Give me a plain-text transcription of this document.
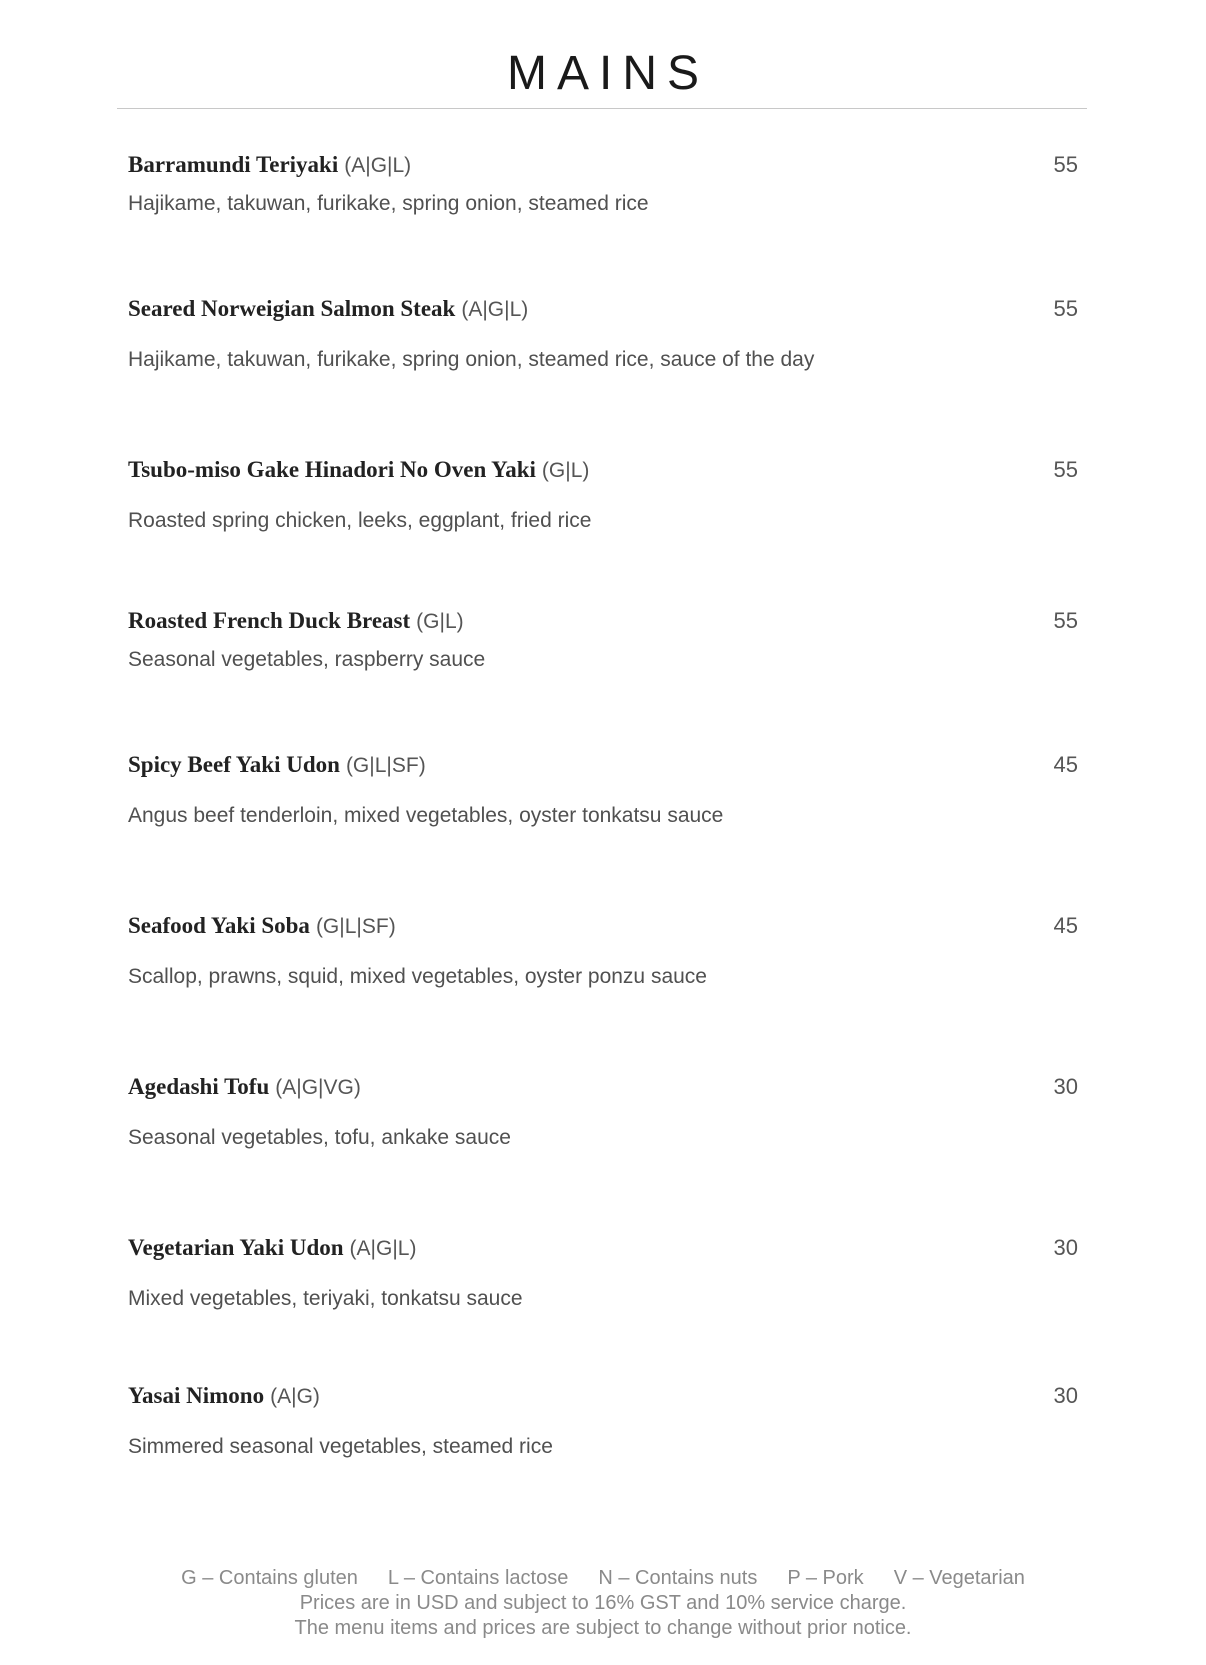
MAINS
Barramundi Teriyaki (A|G|L)	55
Hajikame, takuwan, furikake, spring onion, steamed rice
Seared Norweigian Salmon Steak (A|G|L)	55
Hajikame, takuwan, furikake, spring onion, steamed rice, sauce of the day
Tsubo-miso Gake Hinadori No Oven Yaki (G|L)	55
Roasted spring chicken, leeks, eggplant, fried rice
Roasted French Duck Breast (G|L)	55
Seasonal vegetables, raspberry sauce
Spicy Beef Yaki Udon (G|L|SF)	45
Angus beef tenderloin, mixed vegetables, oyster tonkatsu sauce
Seafood Yaki Soba (G|L|SF)	45
Scallop, prawns, squid, mixed vegetables, oyster ponzu sauce
Agedashi Tofu (A|G|VG)	30
Seasonal vegetables, tofu, ankake sauce
Vegetarian Yaki Udon (A|G|L)	30
Mixed vegetables, teriyaki, tonkatsu sauce
Yasai Nimono (A|G)	30
Simmered seasonal vegetables, steamed rice
G – Contains gluten L – Contains lactose N – Contains nuts P – Pork V – Vegetarian
Prices are in USD and subject to 16% GST and 10% service charge.
The menu items and prices are subject to change without prior notice.
